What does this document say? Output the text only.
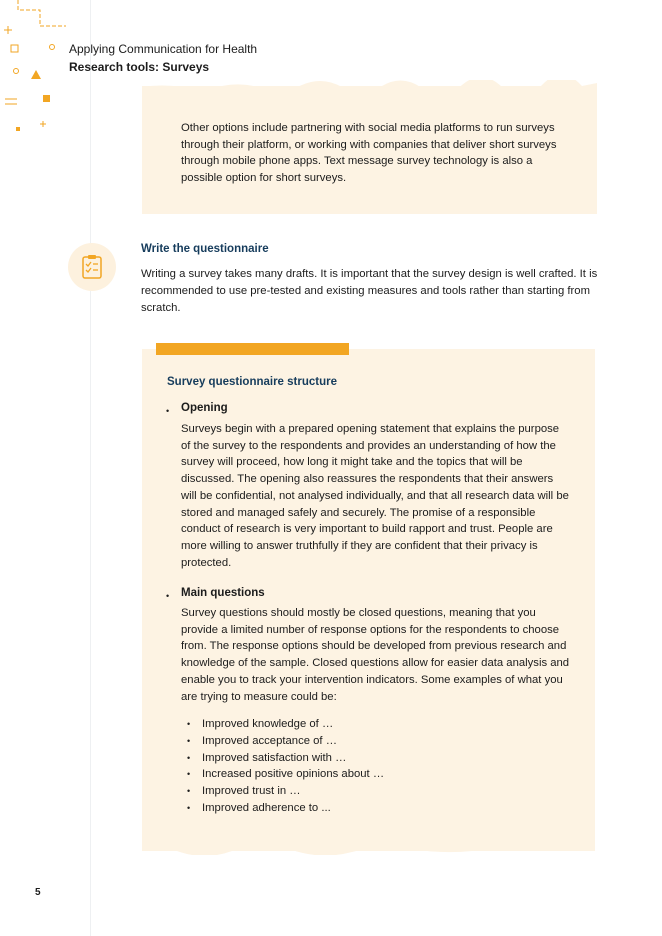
Applying Communication for Health
Research tools: Surveys
Other options include partnering with social media platforms to run surveys through their platform, or working with companies that deliver short surveys through mobile phone apps. Text message survey technology is also a possible option for short surveys.
Write the questionnaire
Writing a survey takes many drafts. It is important that the survey design is well crafted. It is recommended to use pre-tested and existing measures and tools rather than starting from scratch.
Survey questionnaire structure
• Opening
Surveys begin with a prepared opening statement that explains the purpose of the survey to the respondents and provides an understanding of how the survey will proceed, how long it might take and the topics that will be discussed. The opening also reassures the respondents that their answers will be confidential, not analysed individually, and that all research data will be stored and managed safely and securely. The promise of a responsible conduct of research is very important to build rapport and trust. People are more willing to answer truthfully if they are confident that their privacy is protected.
• Main questions
Survey questions should mostly be closed questions, meaning that you provide a limited number of response options for the respondents to choose from. The response options should be developed from previous research and knowledge of the sample. Closed questions allow for easier data analysis and enable you to track your intervention indicators. Some examples of what you are trying to measure could be:
• Improved knowledge of …
• Improved acceptance of …
• Improved satisfaction with …
• Increased positive opinions about …
• Improved trust in …
• Improved adherence to ...
5
